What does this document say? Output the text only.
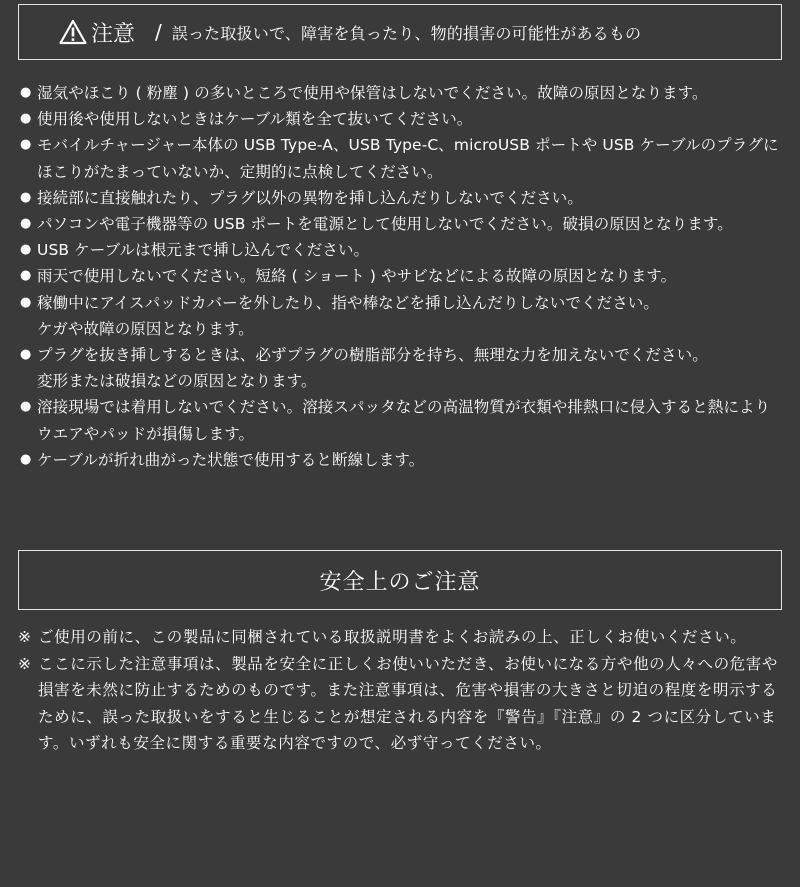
注意 / 誤った取扱いで、障害を負ったり、物的損害の可能性があるもの
● 湿気やほこり ( 粉塵 ) の多いところで使用や保管はしないでください。故障の原因となります。
● 使用後や使用しないときはケーブル類を全て抜いてください。
● モバイルチャージャー本体の USB Type-A、USB Type-C、microUSB ポートや USB ケーブルのプラグにほこりがたまっていないか、定期的に点検してください。
● 接続部に直接触れたり、プラグ以外の異物を挿し込んだりしないでください。
● パソコンや電子機器等の USB ポートを電源として使用しないでください。破損の原因となります。
● USB ケーブルは根元まで挿し込んでください。
● 雨天で使用しないでください。短絡 ( ショート ) やサビなどによる故障の原因となります。
● 稼働中にアイスパッドカバーを外したり、指や棒などを挿し込んだりしないでください。
ケガや故障の原因となります。
● プラグを抜き挿しするときは、必ずプラグの樹脂部分を持ち、無理な力を加えないでください。
変形または破損などの原因となります。
● 溶接現場では着用しないでください。溶接スパッタなどの高温物質が衣類や排熱口に侵入すると熱によりウエアやパッドが損傷します。
● ケーブルが折れ曲がった状態で使用すると断線します。
安全上のご注意
※ ご使用の前に、この製品に同梱されている取扱説明書をよくお読みの上、正しくお使いください。
※ ここに示した注意事項は、製品を安全に正しくお使いいただき、お使いになる方や他の人々への危害や損害を未然に防止するためのものです。また注意事項は、危害や損害の大きさと切迫の程度を明示するために、誤った取扱いをすると生じることが想定される内容を『警告』『注意』の 2 つに区分しています。いずれも安全に関する重要な内容ですので、必ず守ってください。
